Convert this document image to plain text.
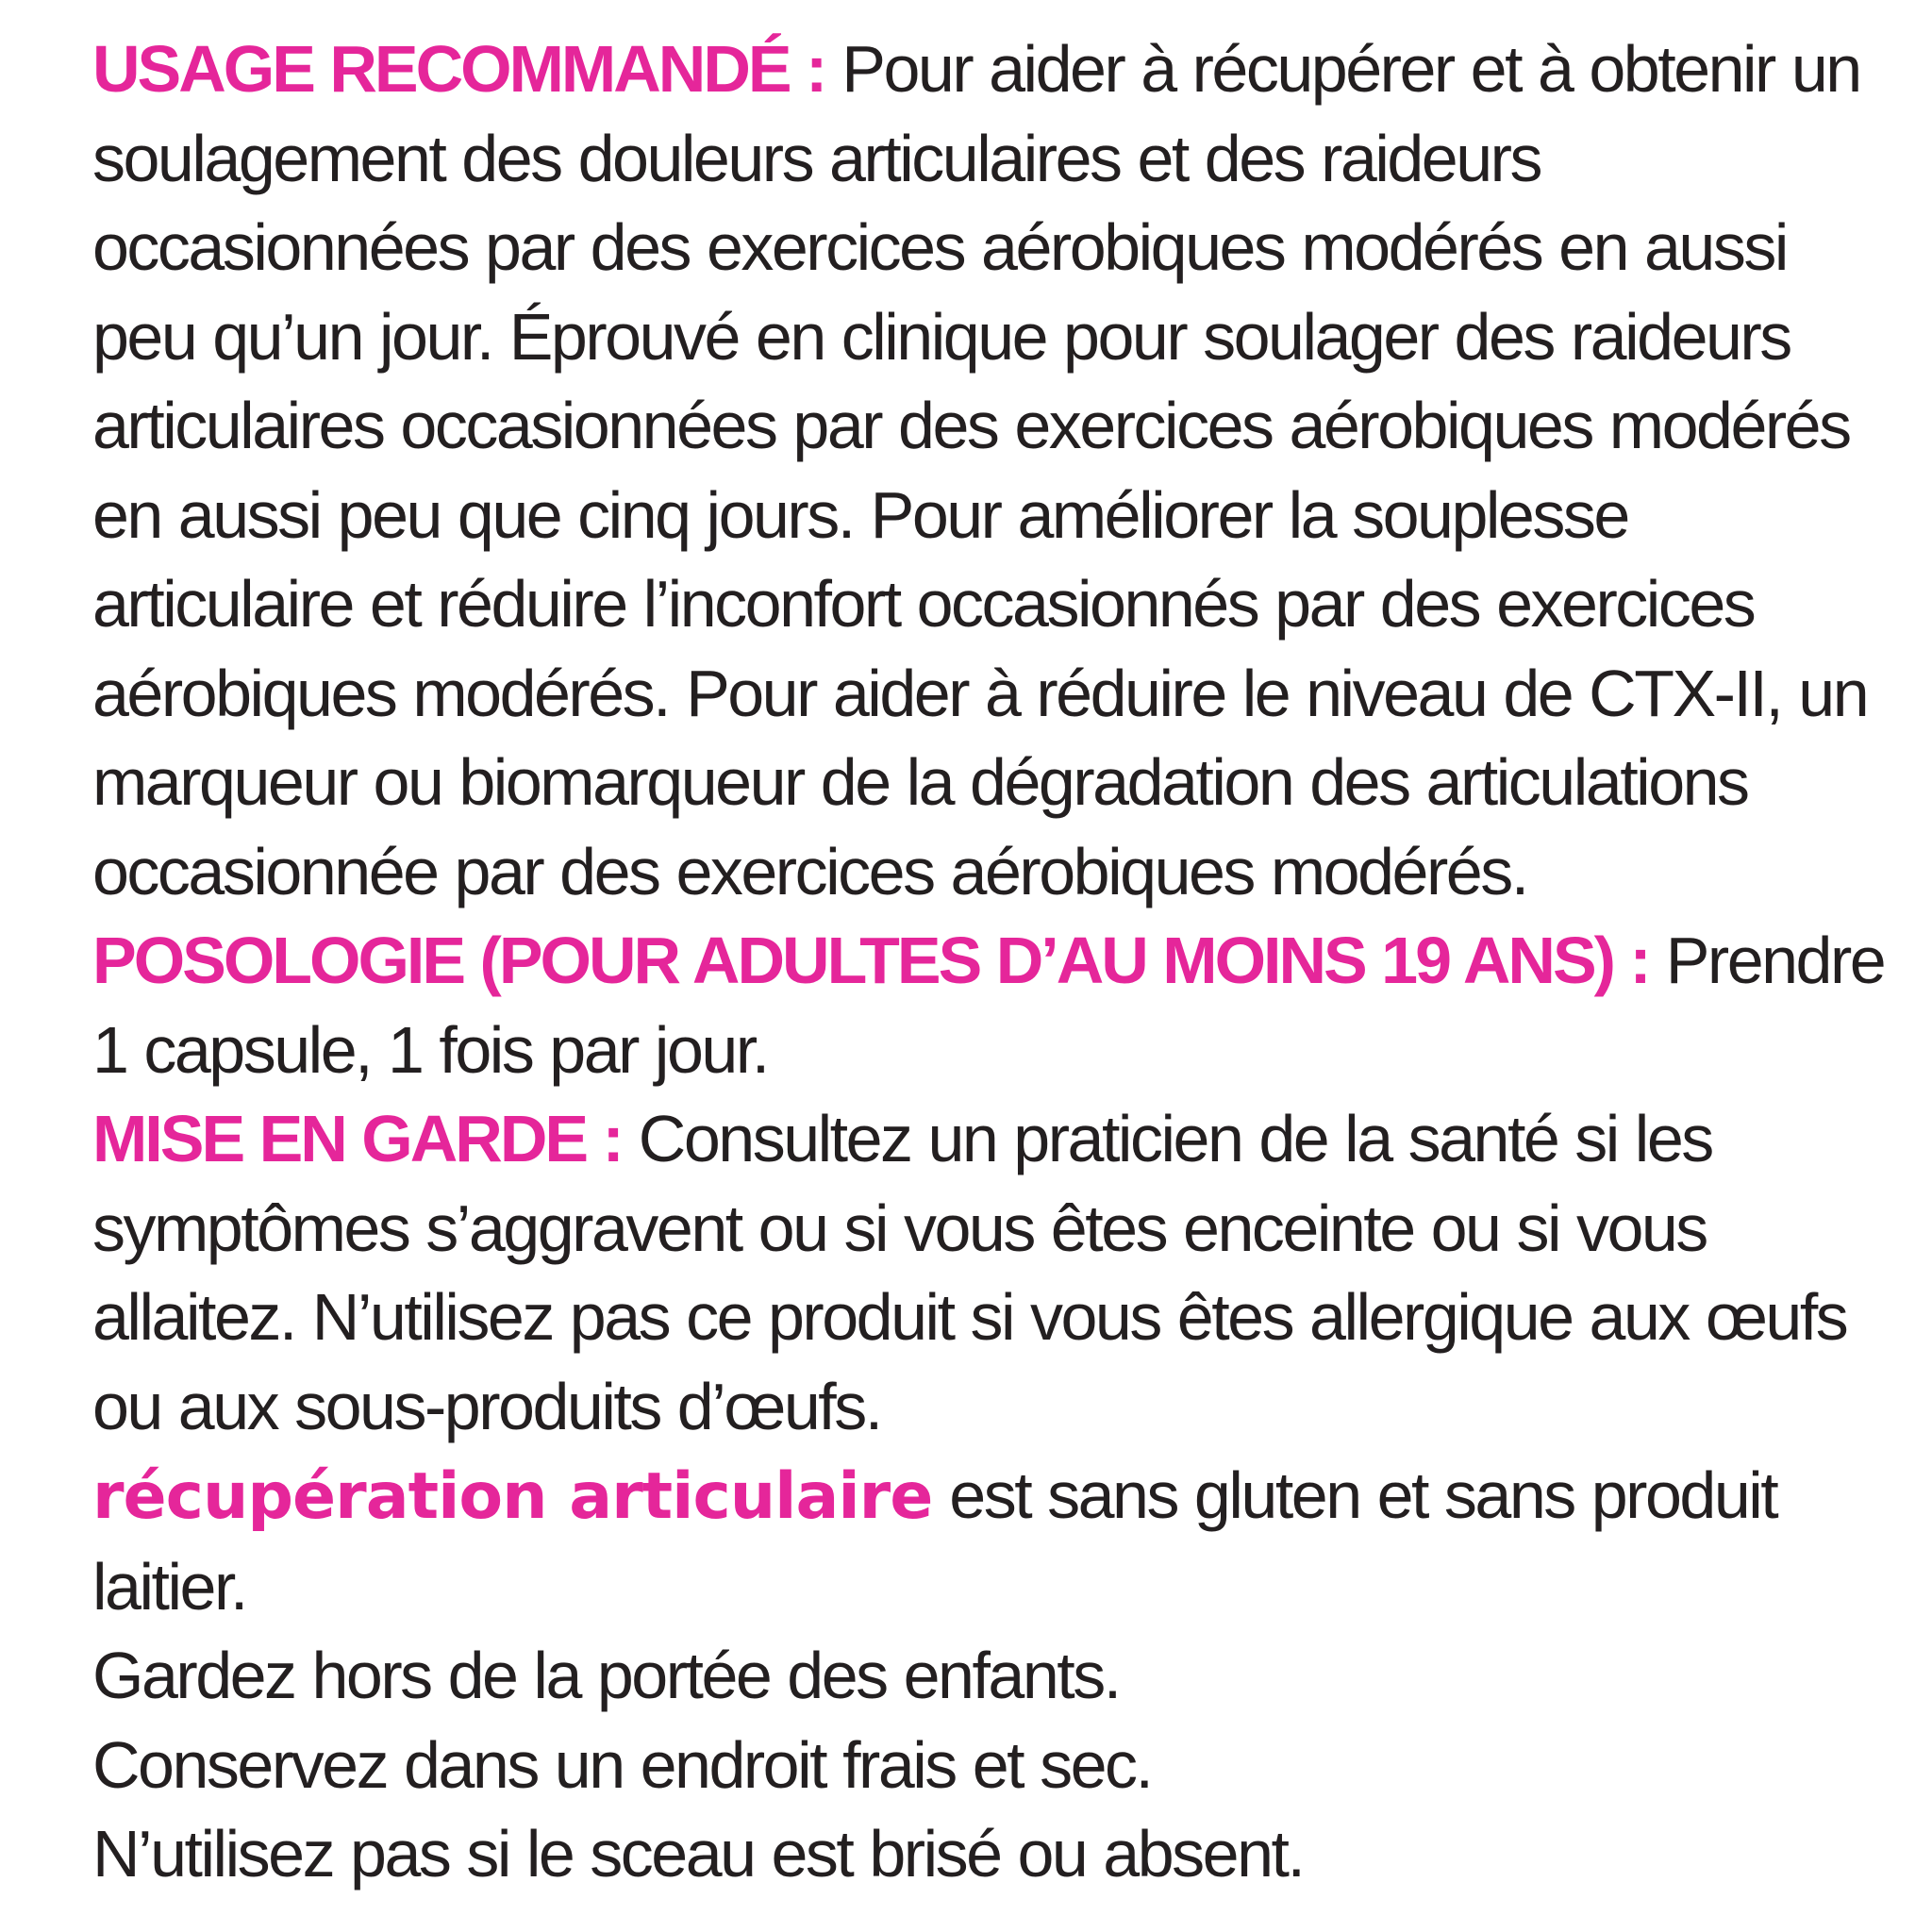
USAGE RECOMMANDÉ : Pour aider à récupérer et à obtenir un soulagement des douleurs articulaires et des raideurs occasionnées par des exercices aérobiques modérés en aussi peu qu’un jour. Éprouvé en clinique pour soulager des raideurs articulaires occasionnées par des exercices aérobiques modérés en aussi peu que cinq jours. Pour améliorer la souplesse articulaire et réduire l’inconfort occasionnés par des exercices aérobiques modérés. Pour aider à réduire le niveau de CTX-II, un marqueur ou biomarqueur de la dégradation des articulations occasionnée par des exercices aérobiques modérés.

POSOLOGIE (POUR ADULTES D’AU MOINS 19 ANS) : Prendre 1 capsule, 1 fois par jour.

MISE EN GARDE : Consultez un praticien de la santé si les symptômes s’aggravent ou si vous êtes enceinte ou si vous allaitez. N’utilisez pas ce produit si vous êtes allergique aux œufs ou aux sous-produits d’œufs.

récupération articulaire est sans gluten et sans produit laitier.

Gardez hors de la portée des enfants.

Conservez dans un endroit frais et sec.

N’utilisez pas si le sceau est brisé ou absent.
